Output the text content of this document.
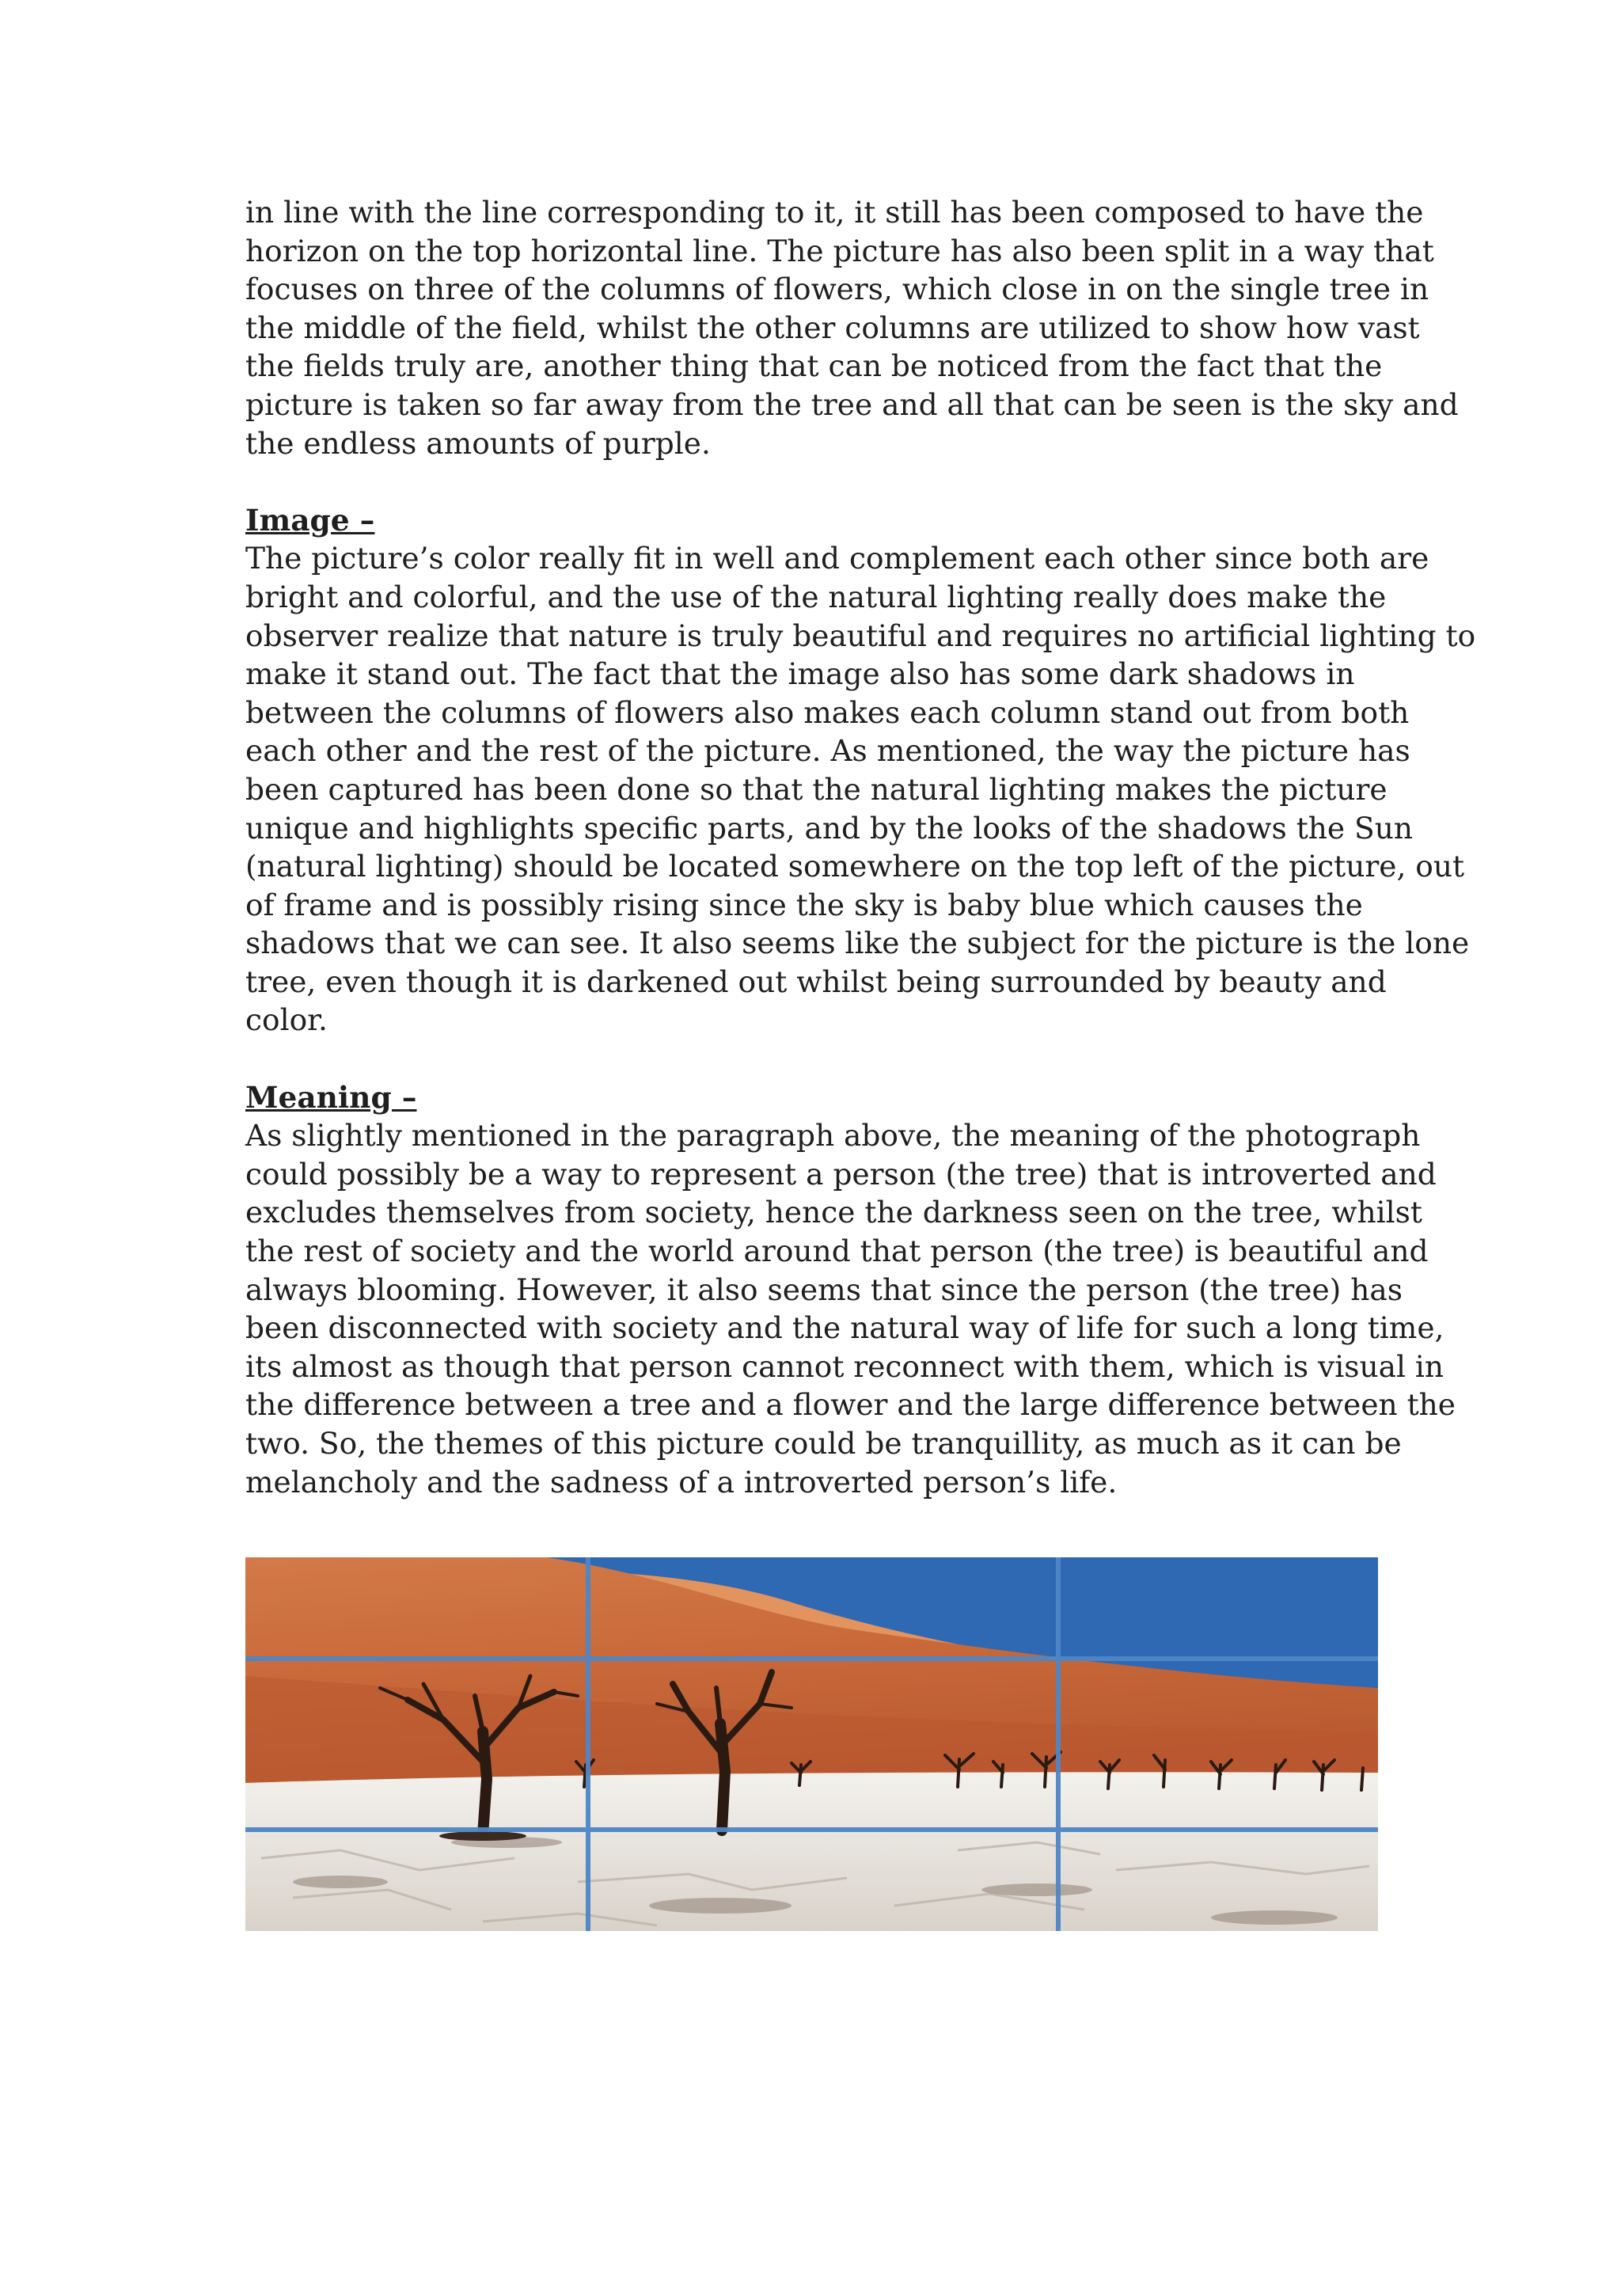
in line with the line corresponding to it, it still has been composed to have the
horizon on the top horizontal line. The picture has also been split in a way that
focuses on three of the columns of flowers, which close in on the single tree in
the middle of the field, whilst the other columns are utilized to show how vast
the fields truly are, another thing that can be noticed from the fact that the
picture is taken so far away from the tree and all that can be seen is the sky and
the endless amounts of purple.

Image –

The picture’s color really fit in well and complement each other since both are
bright and colorful, and the use of the natural lighting really does make the
observer realize that nature is truly beautiful and requires no artificial lighting to
make it stand out. The fact that the image also has some dark shadows in
between the columns of flowers also makes each column stand out from both
each other and the rest of the picture. As mentioned, the way the picture has
been captured has been done so that the natural lighting makes the picture
unique and highlights specific parts, and by the looks of the shadows the Sun
(natural lighting) should be located somewhere on the top left of the picture, out
of frame and is possibly rising since the sky is baby blue which causes the
shadows that we can see. It also seems like the subject for the picture is the lone
tree, even though it is darkened out whilst being surrounded by beauty and
color.

Meaning –

As slightly mentioned in the paragraph above, the meaning of the photograph
could possibly be a way to represent a person (the tree) that is introverted and
excludes themselves from society, hence the darkness seen on the tree, whilst
the rest of society and the world around that person (the tree) is beautiful and
always blooming. However, it also seems that since the person (the tree) has
been disconnected with society and the natural way of life for such a long time,
its almost as though that person cannot reconnect with them, which is visual in
the difference between a tree and a flower and the large difference between the
two. So, the themes of this picture could be tranquillity, as much as it can be
melancholy and the sadness of a introverted person’s life.
